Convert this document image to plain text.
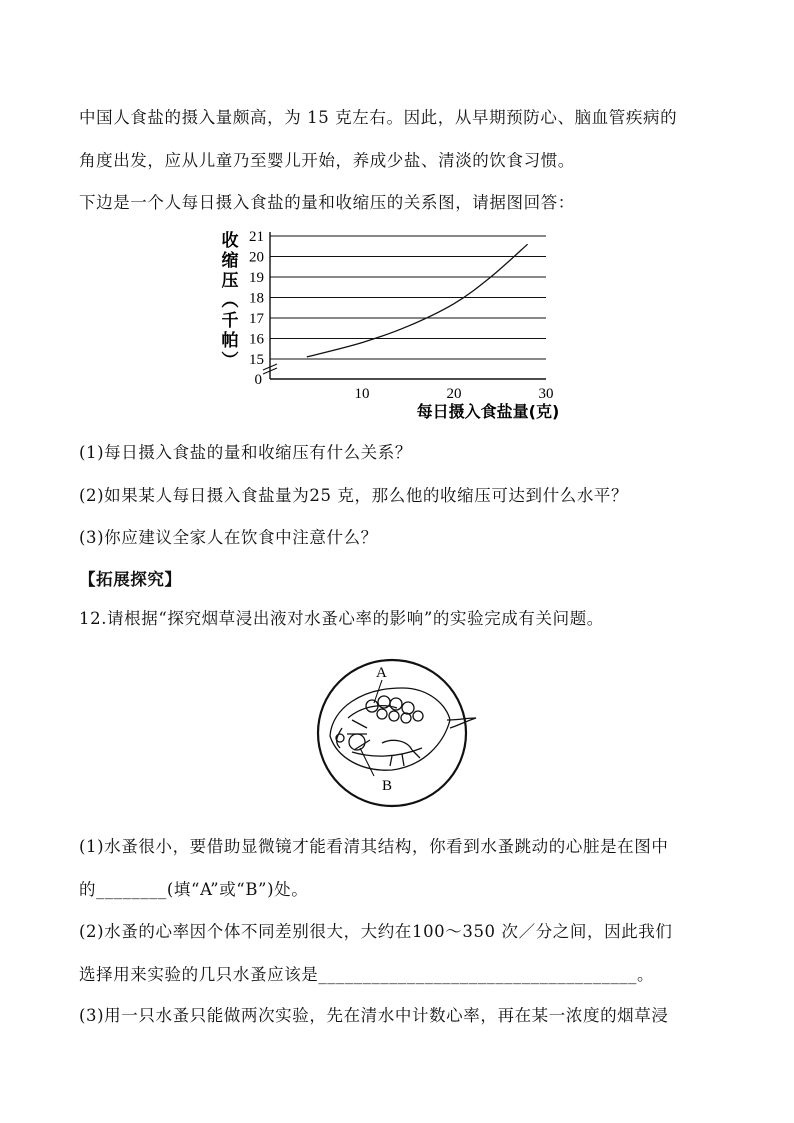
中国人食盐的摄入量颇高，为 15 克左右。因此，从早期预防心、脑血管疾病的
角度出发，应从儿童乃至婴儿开始，养成少盐、清淡的饮食习惯。
下边是一个人每日摄入食盐的量和收缩压的关系图，请据图回答：
收
缩
压
︵
千
帕
︶ 15
16
17
18
19
20
21
10	20	30
0
每日摄入食盐量(克)
(1)每日摄入食盐的量和收缩压有什么关系？
(2)如果某人每日摄入食盐量为25 克，那么他的收缩压可达到什么水平？
(3)你应建议全家人在饮食中注意什么？
【拓展探究】
12.请根据“探究烟草浸出液对水蚤心率的影响”的实验完成有关问题。
A
B
(1)水蚤很小，要借助显微镜才能看清其结构，你看到水蚤跳动的心脏是在图中
的________(填“A”或“B”)处。
(2)水蚤的心率因个体不同差别很大，大约在100～350 次／分之间，因此我们
选择用来实验的几只水蚤应该是____________________________________。
(3)用一只水蚤只能做两次实验，先在清水中计数心率，再在某一浓度的烟草浸
